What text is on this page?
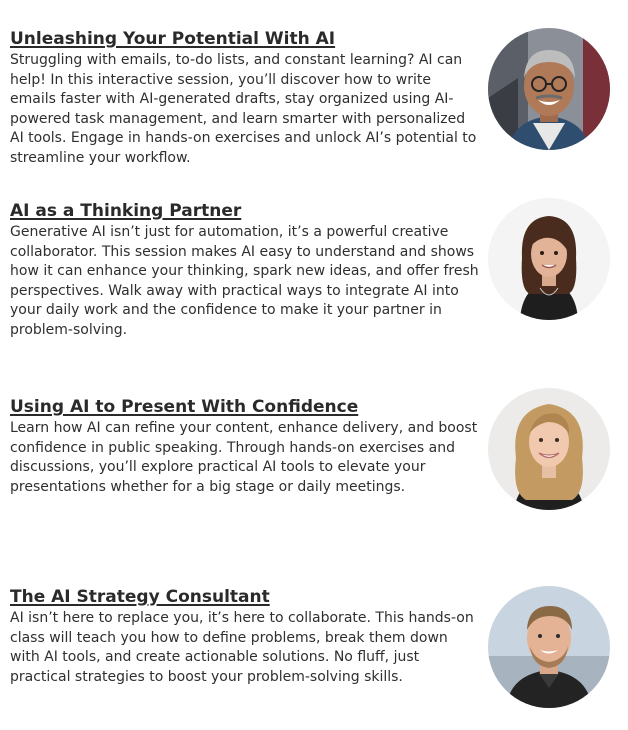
Unleashing Your Potential With AI

Struggling with emails, to-do lists, and constant learning? AI can help! In this interactive session, you’ll discover how to write emails faster with AI-generated drafts, stay organized using AI-powered task management, and learn smarter with personalized AI tools. Engage in hands-on exercises and unlock AI’s potential to streamline your workflow.

AI as a Thinking Partner

Generative AI isn’t just for automation, it’s a powerful creative collaborator. This session makes AI easy to understand and shows how it can enhance your thinking, spark new ideas, and offer fresh perspectives. Walk away with practical ways to integrate AI into your daily work and the confidence to make it your partner in problem-solving.

Using AI to Present With Confidence

Learn how AI can refine your content, enhance delivery, and boost confidence in public speaking. Through hands-on exercises and discussions, you’ll explore practical AI tools to elevate your presentations whether for a big stage or daily meetings.

The AI Strategy Consultant

AI isn’t here to replace you, it’s here to collaborate. This hands-on class will teach you how to define problems, break them down with AI tools, and create actionable solutions. No fluff, just practical strategies to boost your problem-solving skills.
